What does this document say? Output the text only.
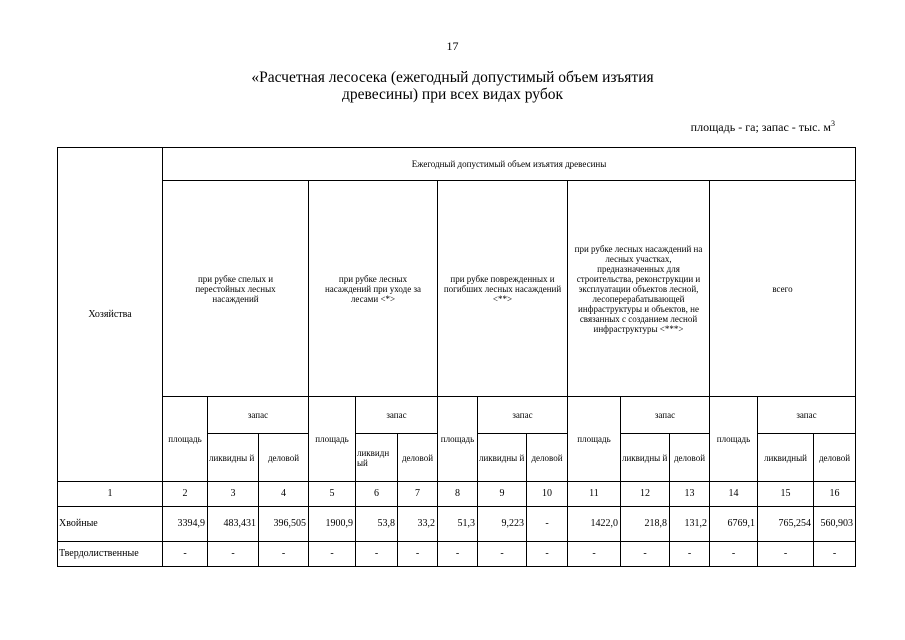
17
«Расчетная лесосека (ежегодный допустимый объем изъятия
древесины) при всех видах рубок
площадь - га; запас - тыс. $м^3$
Хозяйства	Ежегодный допустимый объем изъятия древесины														
	при рубке спелых и перестойных лесных насаждений			при рубке лесных насаждений при уходе за лесами <*>			при рубке поврежденных и погибших лесных насаждений <**>			при рубке лесных насаждений на лесных участках, предназначенных для строительства, реконструкции и эксплуатации объектов лесной, лесоперерабатывающей инфраструктуры и объектов, не связанных с созданием лесной инфраструктуры <***>			всего		
	площадь	запас		площадь	запас		площадь	запас		площадь	запас		площадь	запас	
		ликвидны й	деловой		ликвидн ый	деловой		ликвидны й	деловой		ликвидны й	деловой		ликвидный	деловой
1	2	3	4	5	6	7	8	9	10	11	12	13	14	15	16
Хвойные	3394,9	483,431	396,505	1900,9	53,8	33,2	51,3	9,223	-	1422,0	218,8	131,2	6769,1	765,254	560,903
Твердолиственные	-	-	-	-	-	-	-	-	-	-	-	-	-	-	-
